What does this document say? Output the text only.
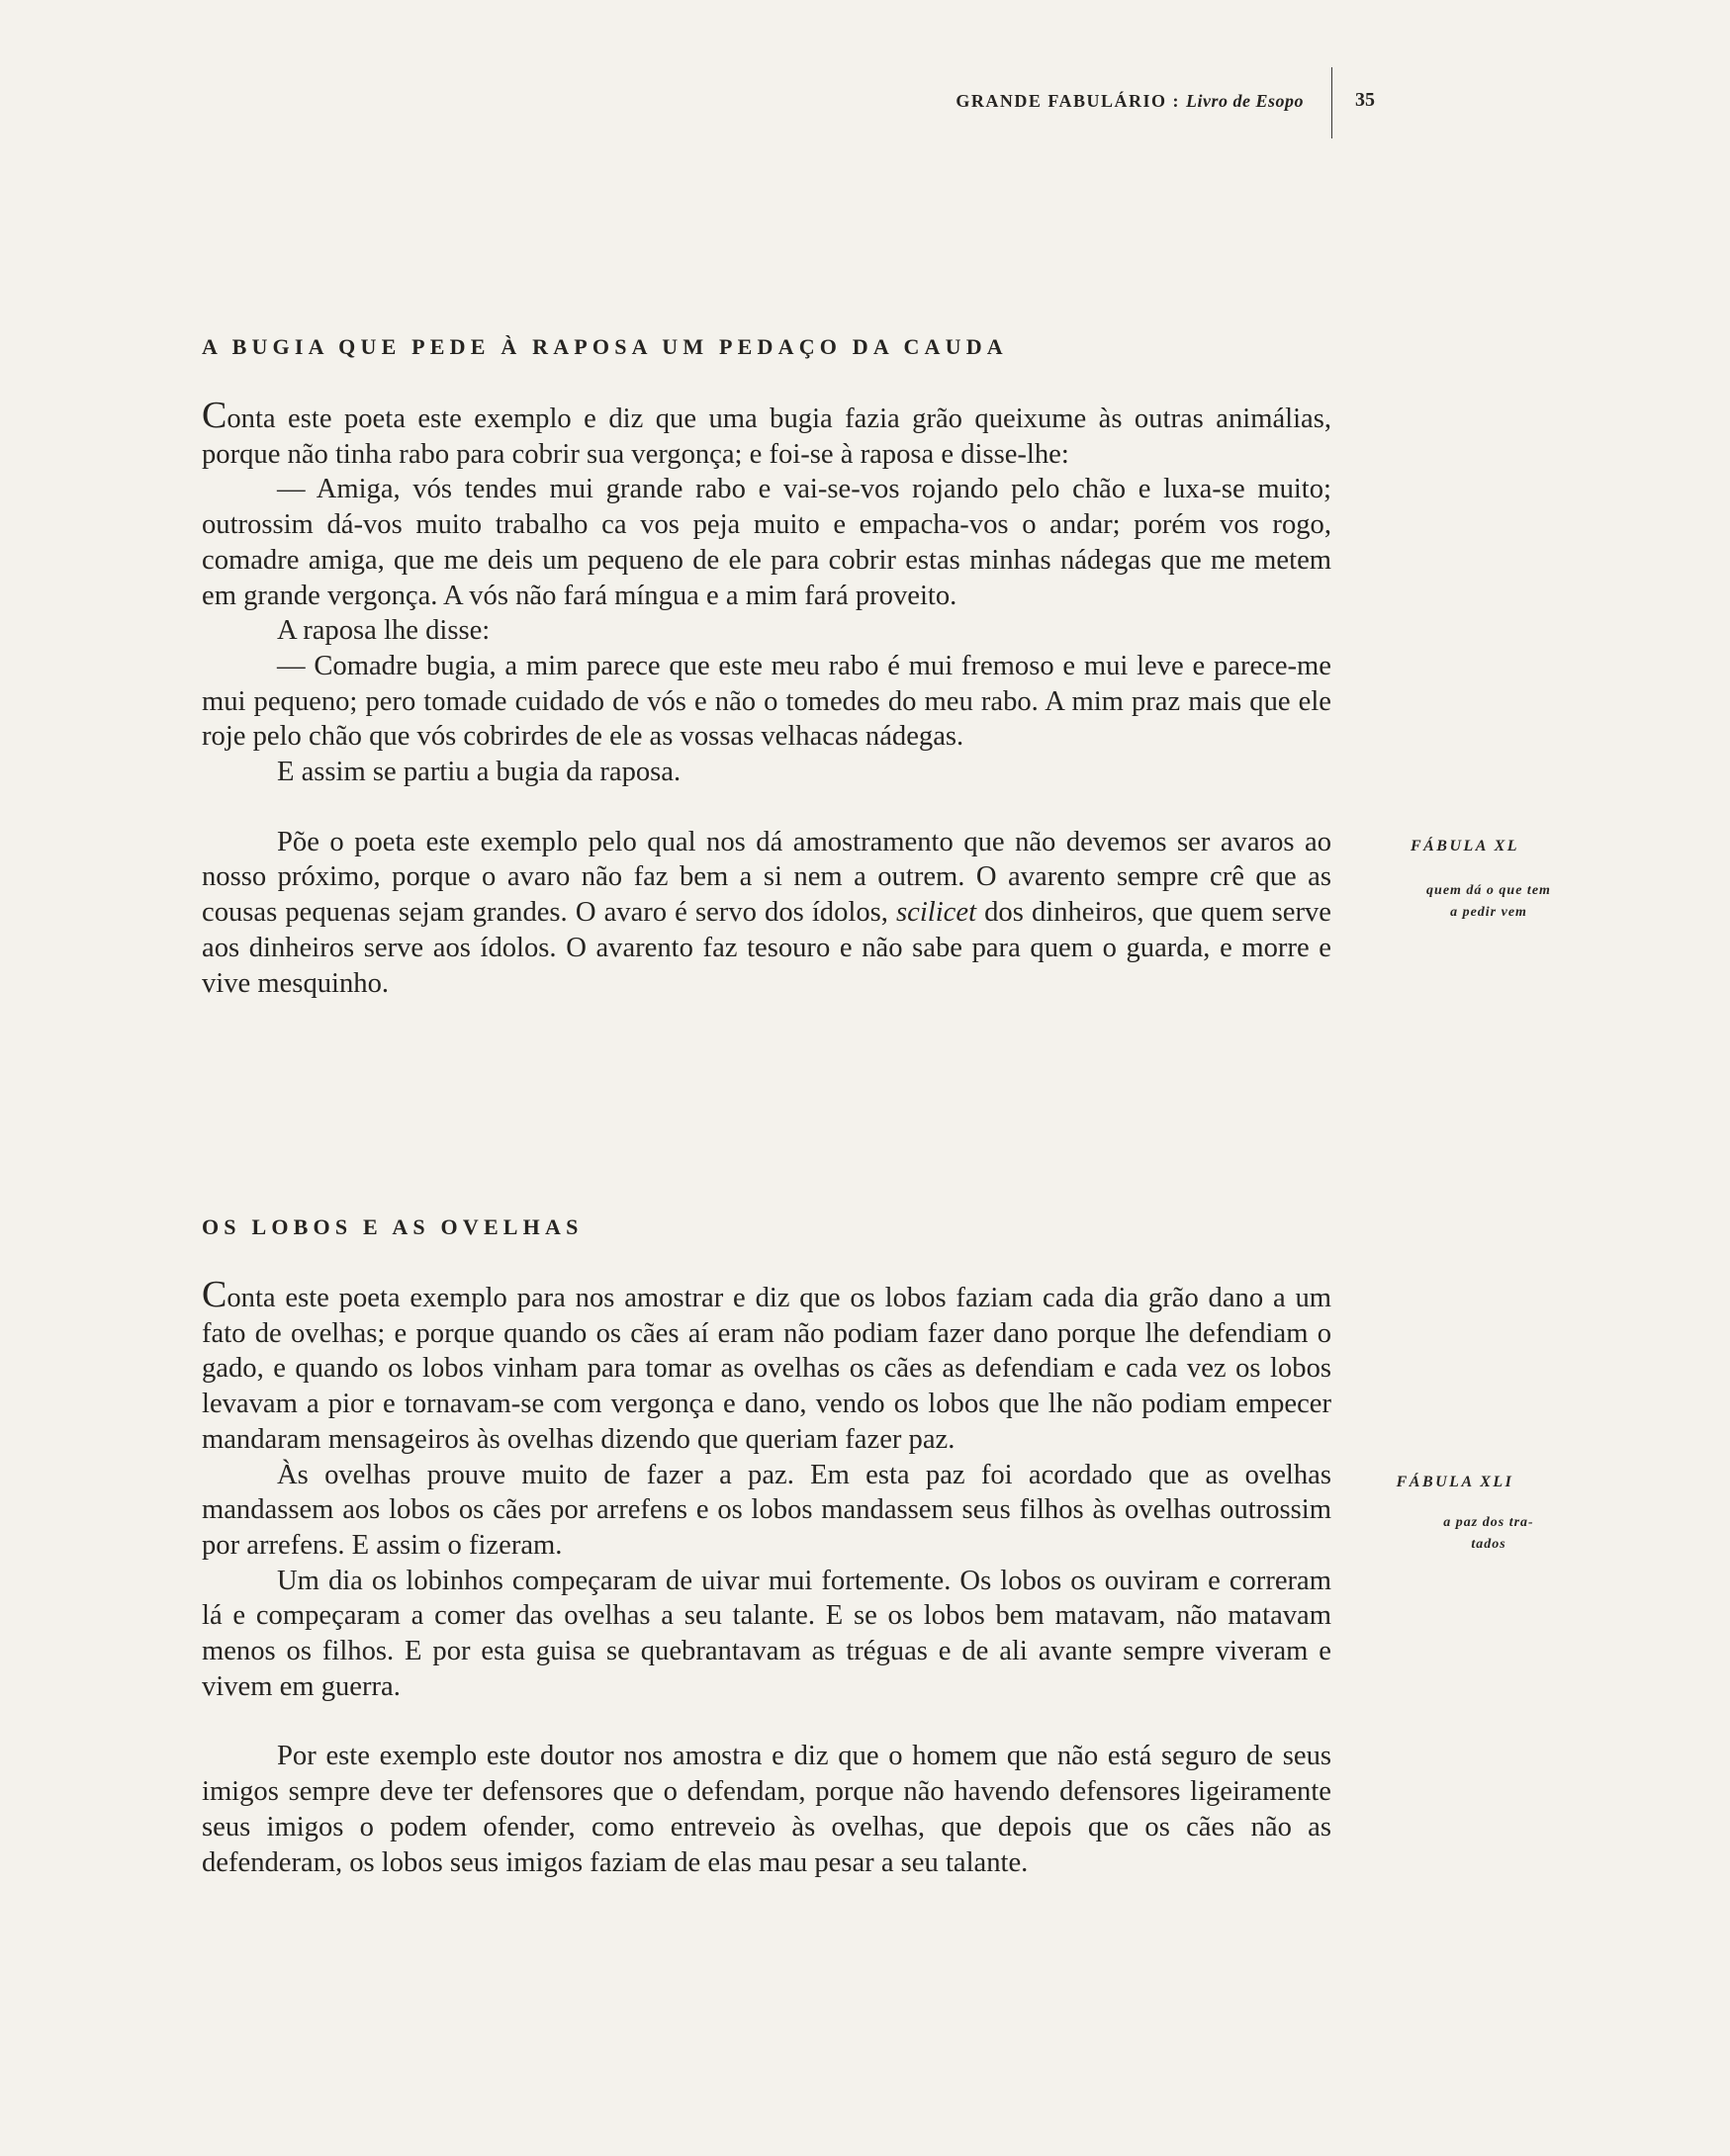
GRANDE FABULÁRIO : Livro de Esopo	35
A BUGIA QUE PEDE À RAPOSA UM PEDAÇO DA CAUDA

Conta este poeta este exemplo e diz que uma bugia fazia grão queixume às outras animálias, porque não tinha rabo para cobrir sua vergonça; e foi-se à raposa e disse-lhe:

— Amiga, vós tendes mui grande rabo e vai-se-vos rojando pelo chão e luxa-se muito; outrossim dá-vos muito trabalho ca vos peja muito e empacha-vos o andar; porém vos rogo, comadre amiga, que me deis um pequeno de ele para cobrir estas minhas nádegas que me metem em grande vergonça. A vós não fará míngua e a mim fará proveito.

A raposa lhe disse:

— Comadre bugia, a mim parece que este meu rabo é mui fremoso e mui leve e parece-me mui pequeno; pero tomade cuidado de vós e não o tomedes do meu rabo. A mim praz mais que ele roje pelo chão que vós cobrirdes de ele as vossas velhacas nádegas.

E assim se partiu a bugia da raposa.

Põe o poeta este exemplo pelo qual nos dá amostramento que não devemos ser avaros ao nosso próximo, porque o avaro não faz bem a si nem a outrem. O avarento sempre crê que as cousas pequenas sejam grandes. O avaro é servo dos ídolos, scilicet dos dinheiros, que quem serve aos dinheiros serve aos ídolos. O avarento faz tesouro e não sabe para quem o guarda, e morre e vive mesquinho.

FÁBULA XL
quem dá o que tem
a pedir vem
OS LOBOS E AS OVELHAS

Conta este poeta exemplo para nos amostrar e diz que os lobos faziam cada dia grão dano a um fato de ovelhas; e porque quando os cães aí eram não podiam fazer dano porque lhe defendiam o gado, e quando os lobos vinham para tomar as ovelhas os cães as defendiam e cada vez os lobos levavam a pior e tornavam-se com vergonça e dano, vendo os lobos que lhe não podiam empecer mandaram mensageiros às ovelhas dizendo que queriam fazer paz.

Às ovelhas prouve muito de fazer a paz. Em esta paz foi acordado que as ovelhas mandassem aos lobos os cães por arrefens e os lobos mandassem seus filhos às ovelhas outrossim por arrefens. E assim o fizeram.

Um dia os lobinhos compeçaram de uivar mui fortemente. Os lobos os ouviram e correram lá e compeçaram a comer das ovelhas a seu talante. E se os lobos bem matavam, não matavam menos os filhos. E por esta guisa se quebrantavam as tréguas e de ali avante sempre viveram e vivem em guerra.

Por este exemplo este doutor nos amostra e diz que o homem que não está seguro de seus imigos sempre deve ter defensores que o defendam, porque não havendo defensores ligeiramente seus imigos o podem ofender, como entreveio às ovelhas, que depois que os cães não as defenderam, os lobos seus imigos faziam de elas mau pesar a seu talante.

FÁBULA XLI
a paz dos tra-
tados
